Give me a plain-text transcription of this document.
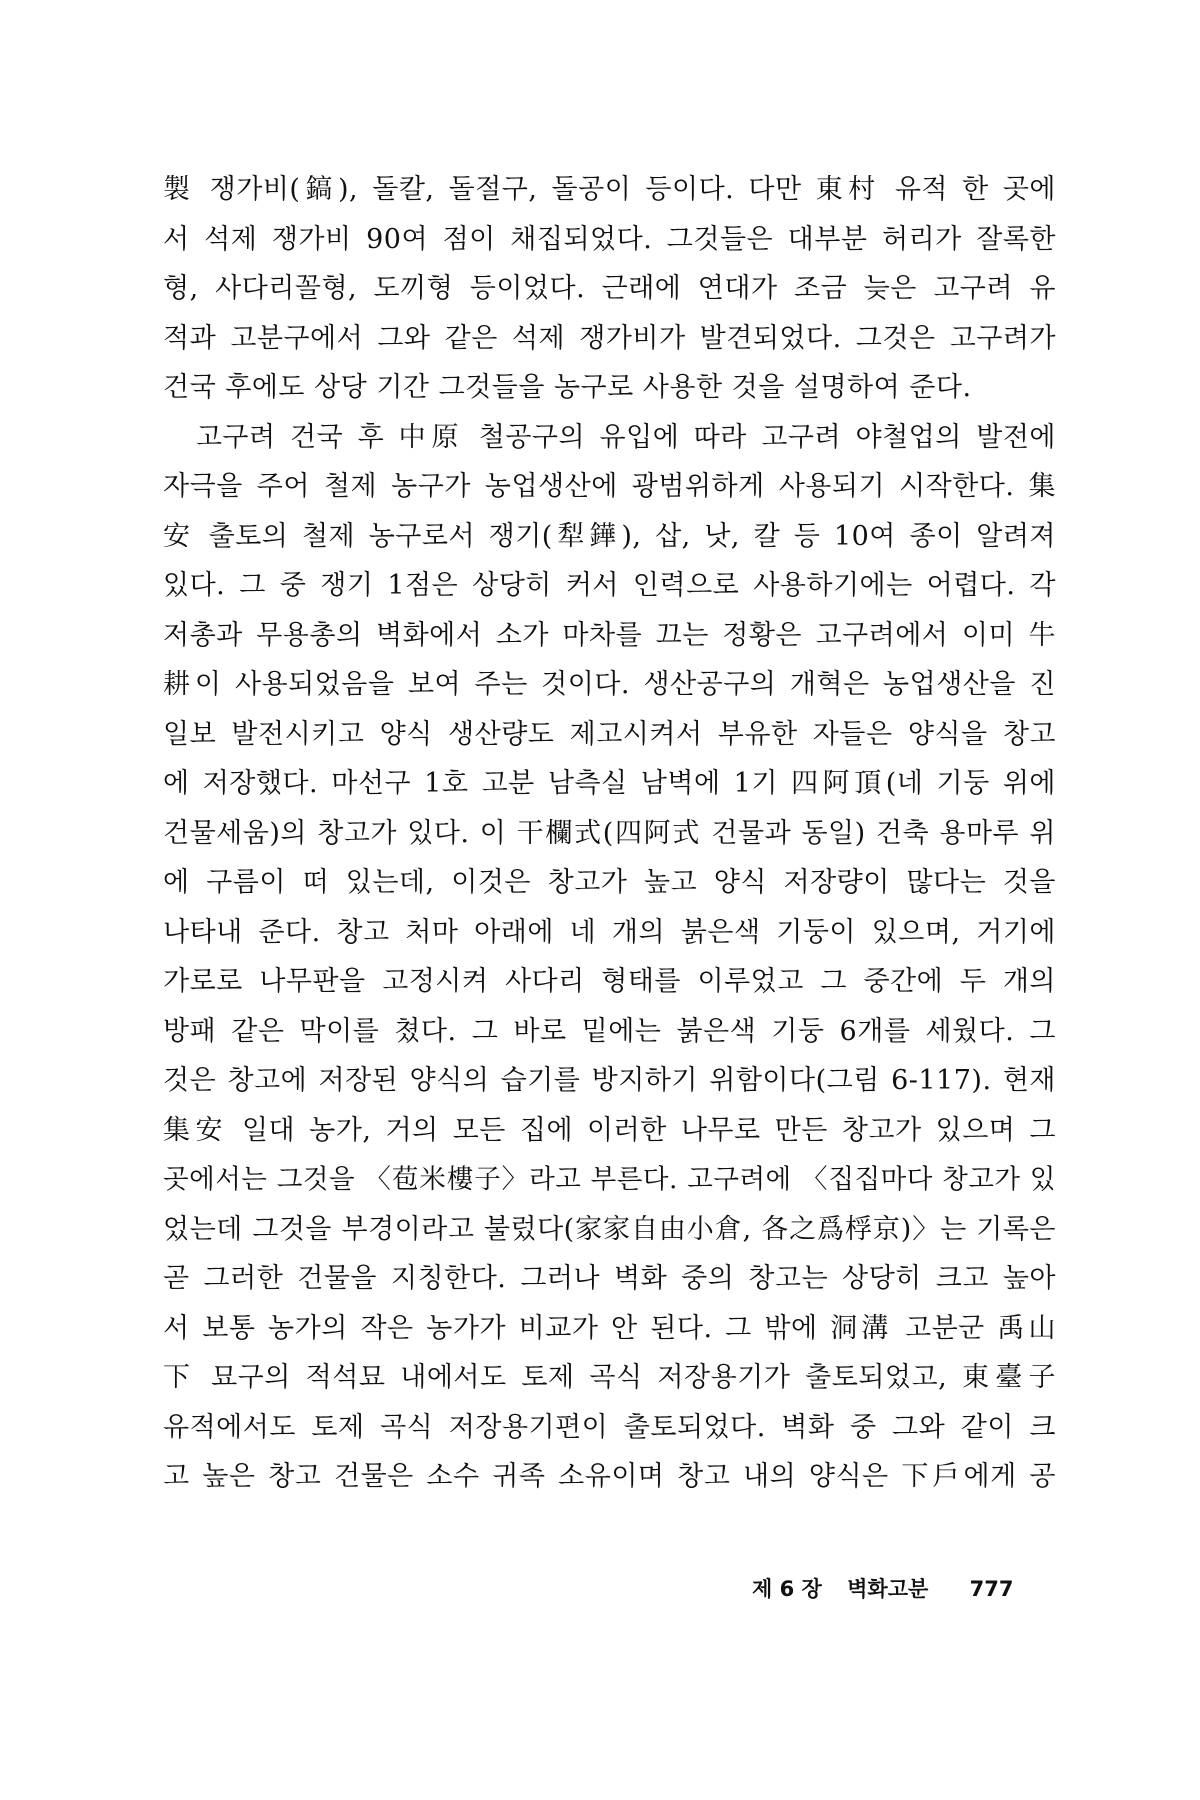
製 쟁가비(鎬), 돌칼, 돌절구, 돌공이 등이다. 다만 東村 유적 한 곳에
서 석제 쟁가비 90여 점이 채집되었다. 그것들은 대부분 허리가 잘록한
형, 사다리꼴형, 도끼형 등이었다. 근래에 연대가 조금 늦은 고구려 유
적과 고분구에서 그와 같은 석제 쟁가비가 발견되었다. 그것은 고구려가
건국 후에도 상당 기간 그것들을 농구로 사용한 것을 설명하여 준다.
　고구려 건국 후 中原 철공구의 유입에 따라 고구려 야철업의 발전에
자극을 주어 철제 농구가 농업생산에 광범위하게 사용되기 시작한다. 集
安 출토의 철제 농구로서 쟁기(犁鏵), 삽, 낫, 칼 등 10여 종이 알려져
있다. 그 중 쟁기 1점은 상당히 커서 인력으로 사용하기에는 어렵다. 각
저총과 무용총의 벽화에서 소가 마차를 끄는 정황은 고구려에서 이미 牛
耕이 사용되었음을 보여 주는 것이다. 생산공구의 개혁은 농업생산을 진
일보 발전시키고 양식 생산량도 제고시켜서 부유한 자들은 양식을 창고
에 저장했다. 마선구 1호 고분 남측실 남벽에 1기 四阿頂(네 기둥 위에
건물세움)의 창고가 있다. 이 干欄式(四阿式 건물과 동일) 건축 용마루 위
에 구름이 떠 있는데, 이것은 창고가 높고 양식 저장량이 많다는 것을
나타내 준다. 창고 처마 아래에 네 개의 붉은색 기둥이 있으며, 거기에
가로로 나무판을 고정시켜 사다리 형태를 이루었고 그 중간에 두 개의
방패 같은 막이를 쳤다. 그 바로 밑에는 붉은색 기둥 6개를 세웠다. 그
것은 창고에 저장된 양식의 습기를 방지하기 위함이다(그림 6-117). 현재
集安 일대 농가, 거의 모든 집에 이러한 나무로 만든 창고가 있으며 그
곳에서는 그것을 〈苞米樓子〉라고 부른다. 고구려에 〈집집마다 창고가 있
었는데 그것을 부경이라고 불렀다(家家自由小倉, 各之爲桴京)〉는 기록은
곧 그러한 건물을 지칭한다. 그러나 벽화 중의 창고는 상당히 크고 높아
서 보통 농가의 작은 농가가 비교가 안 된다. 그 밖에 洞溝 고분군 禹山
下 묘구의 적석묘 내에서도 토제 곡식 저장용기가 출토되었고, 東臺子
유적에서도 토제 곡식 저장용기편이 출토되었다. 벽화 중 그와 같이 크
고 높은 창고 건물은 소수 귀족 소유이며 창고 내의 양식은 下戶에게 공
제 6 장 벽화고분 777
